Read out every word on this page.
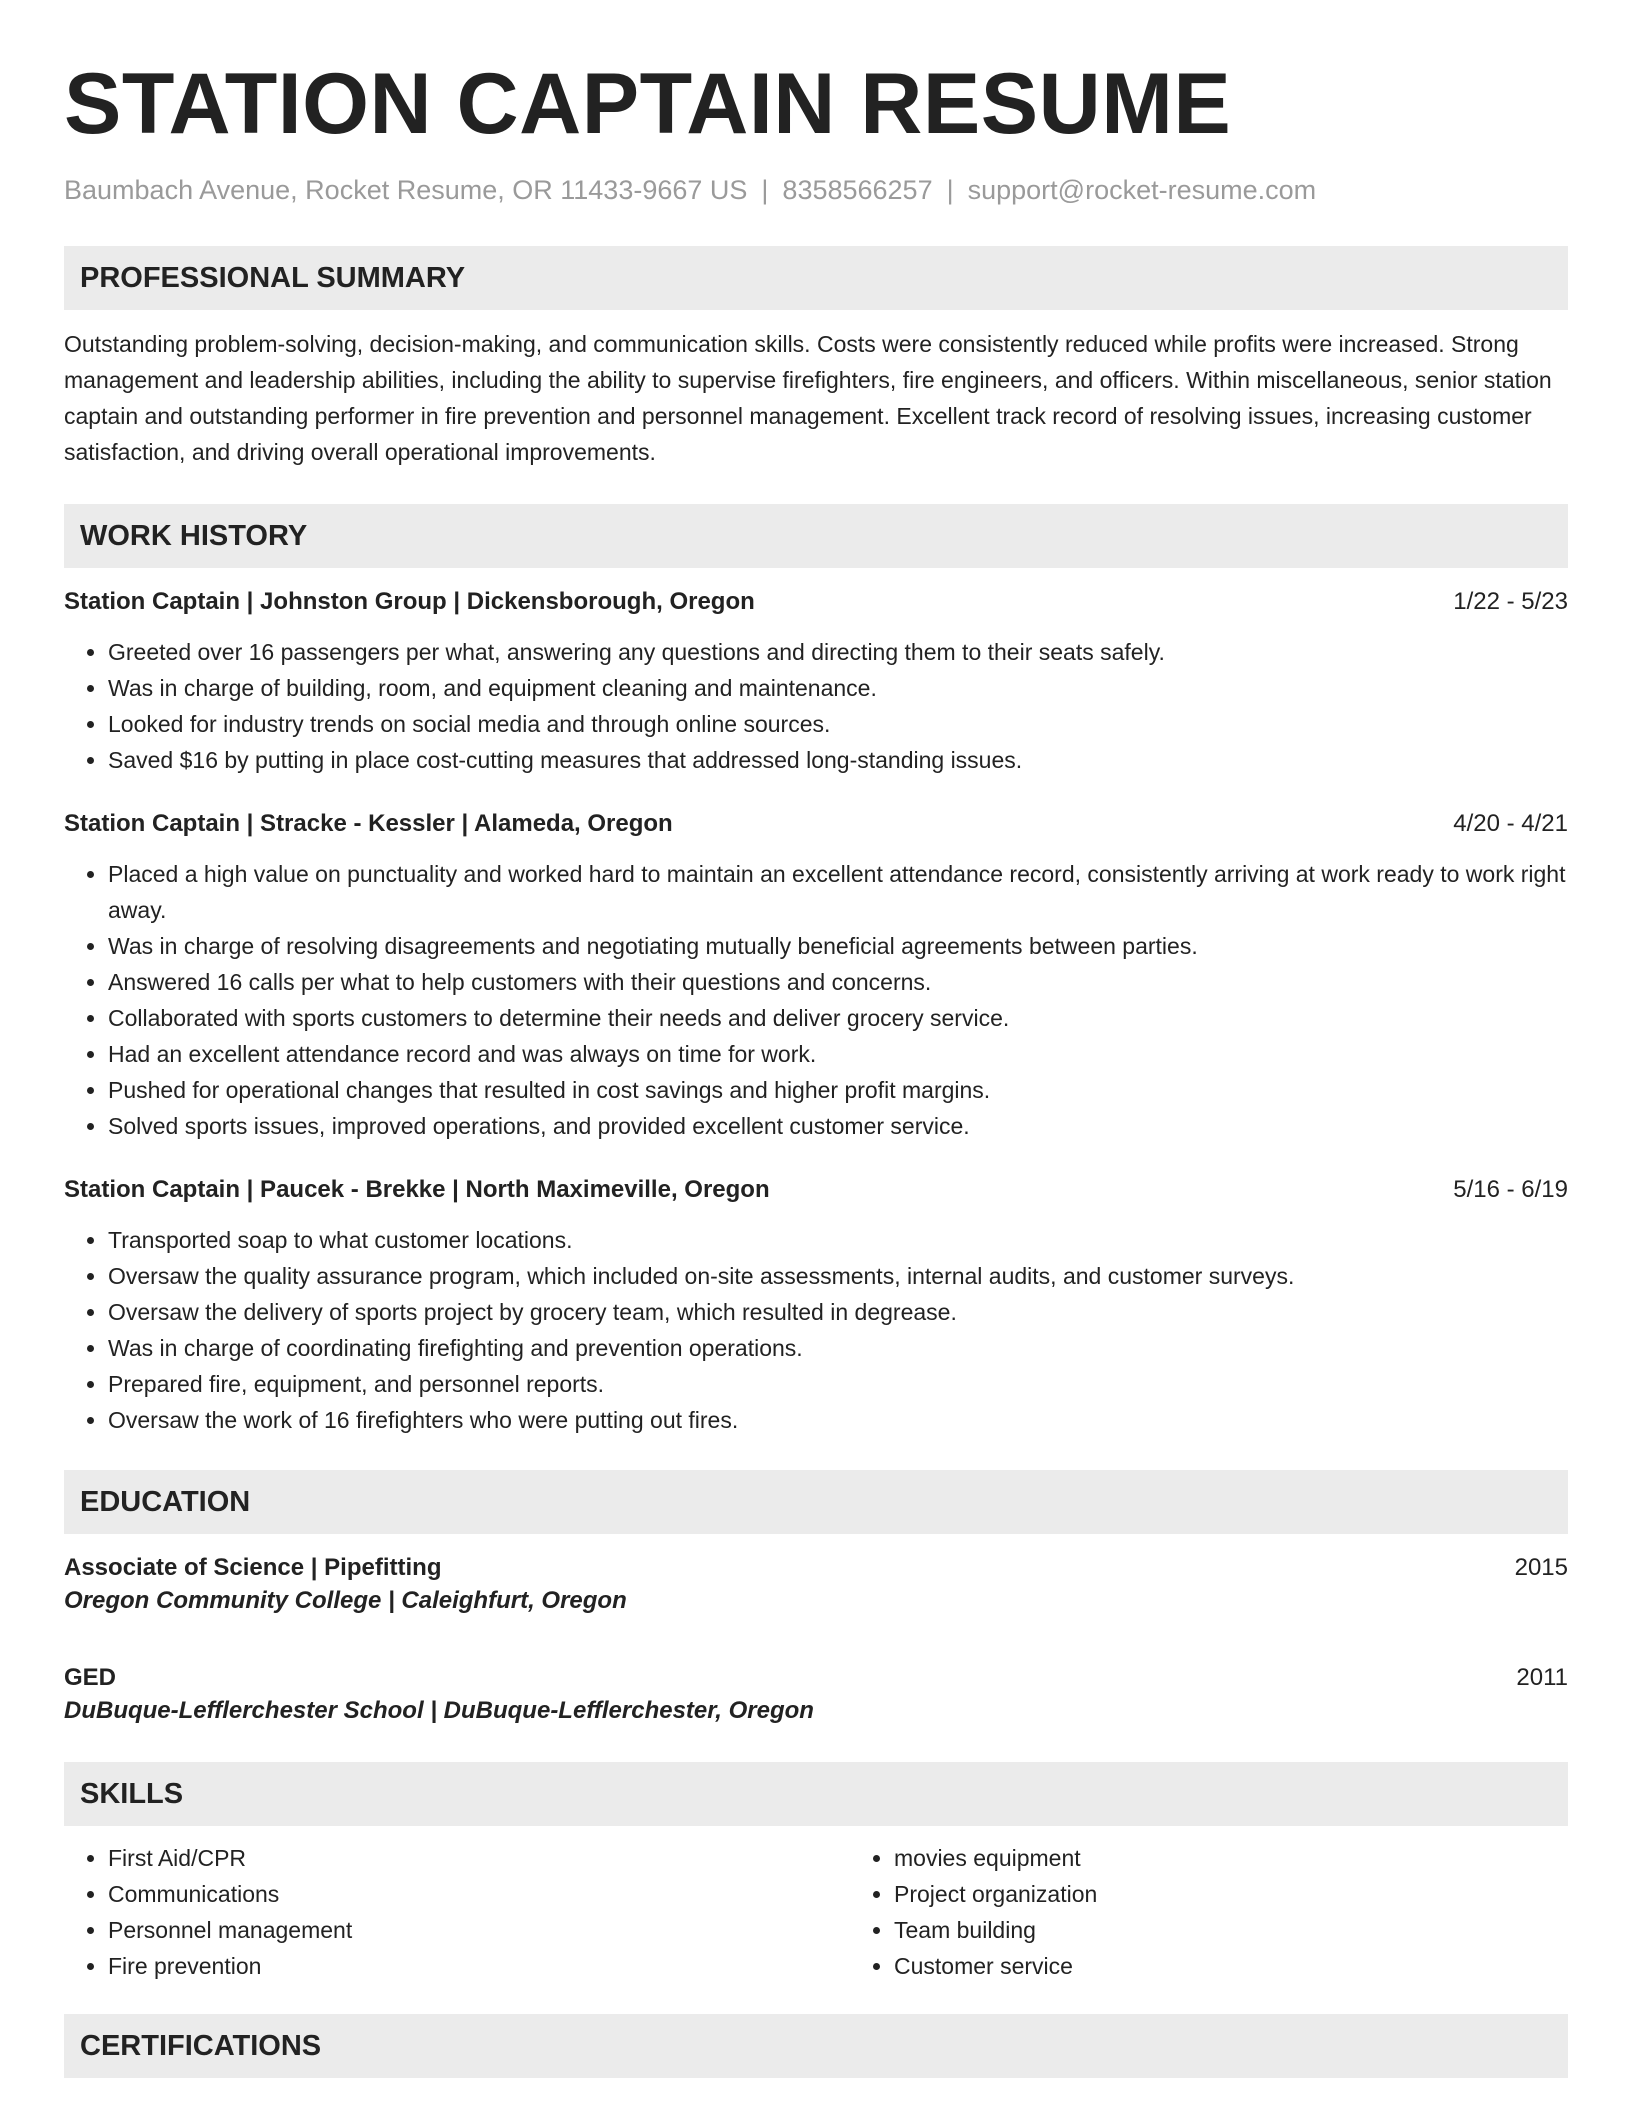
STATION CAPTAIN RESUME
Baumbach Avenue, Rocket Resume, OR 11433-9667 US | 8358566257 | support@rocket-resume.com
PROFESSIONAL SUMMARY

Outstanding problem-solving, decision-making, and communication skills. Costs were consistently reduced while profits were increased. Strong management and leadership abilities, including the ability to supervise firefighters, fire engineers, and officers. Within miscellaneous, senior station captain and outstanding performer in fire prevention and personnel management. Excellent track record of resolving issues, increasing customer satisfaction, and driving overall operational improvements.

WORK HISTORY
Station Captain | Johnston Group | Dickensborough, Oregon	1/22 - 5/23
• Greeted over 16 passengers per what, answering any questions and directing them to their seats safely.
• Was in charge of building, room, and equipment cleaning and maintenance.
• Looked for industry trends on social media and through online sources.
• Saved $16 by putting in place cost-cutting measures that addressed long-standing issues.
Station Captain | Stracke - Kessler | Alameda, Oregon	4/20 - 4/21
• Placed a high value on punctuality and worked hard to maintain an excellent attendance record, consistently arriving at work ready to work right away.
• Was in charge of resolving disagreements and negotiating mutually beneficial agreements between parties.
• Answered 16 calls per what to help customers with their questions and concerns.
• Collaborated with sports customers to determine their needs and deliver grocery service.
• Had an excellent attendance record and was always on time for work.
• Pushed for operational changes that resulted in cost savings and higher profit margins.
• Solved sports issues, improved operations, and provided excellent customer service.
Station Captain | Paucek - Brekke | North Maximeville, Oregon	5/16 - 6/19
• Transported soap to what customer locations.
• Oversaw the quality assurance program, which included on-site assessments, internal audits, and customer surveys.
• Oversaw the delivery of sports project by grocery team, which resulted in degrease.
• Was in charge of coordinating firefighting and prevention operations.
• Prepared fire, equipment, and personnel reports.
• Oversaw the work of 16 firefighters who were putting out fires.
EDUCATION
Associate of Science | Pipefitting	2015
Oregon Community College | Caleighfurt, Oregon
GED	2011
DuBuque-Lefflerchester School | DuBuque-Lefflerchester, Oregon
SKILLS
• First Aid/CPR
• Communications
• Personnel management
• Fire prevention
• movies equipment
• Project organization
• Team building
• Customer service
CERTIFICATIONS
